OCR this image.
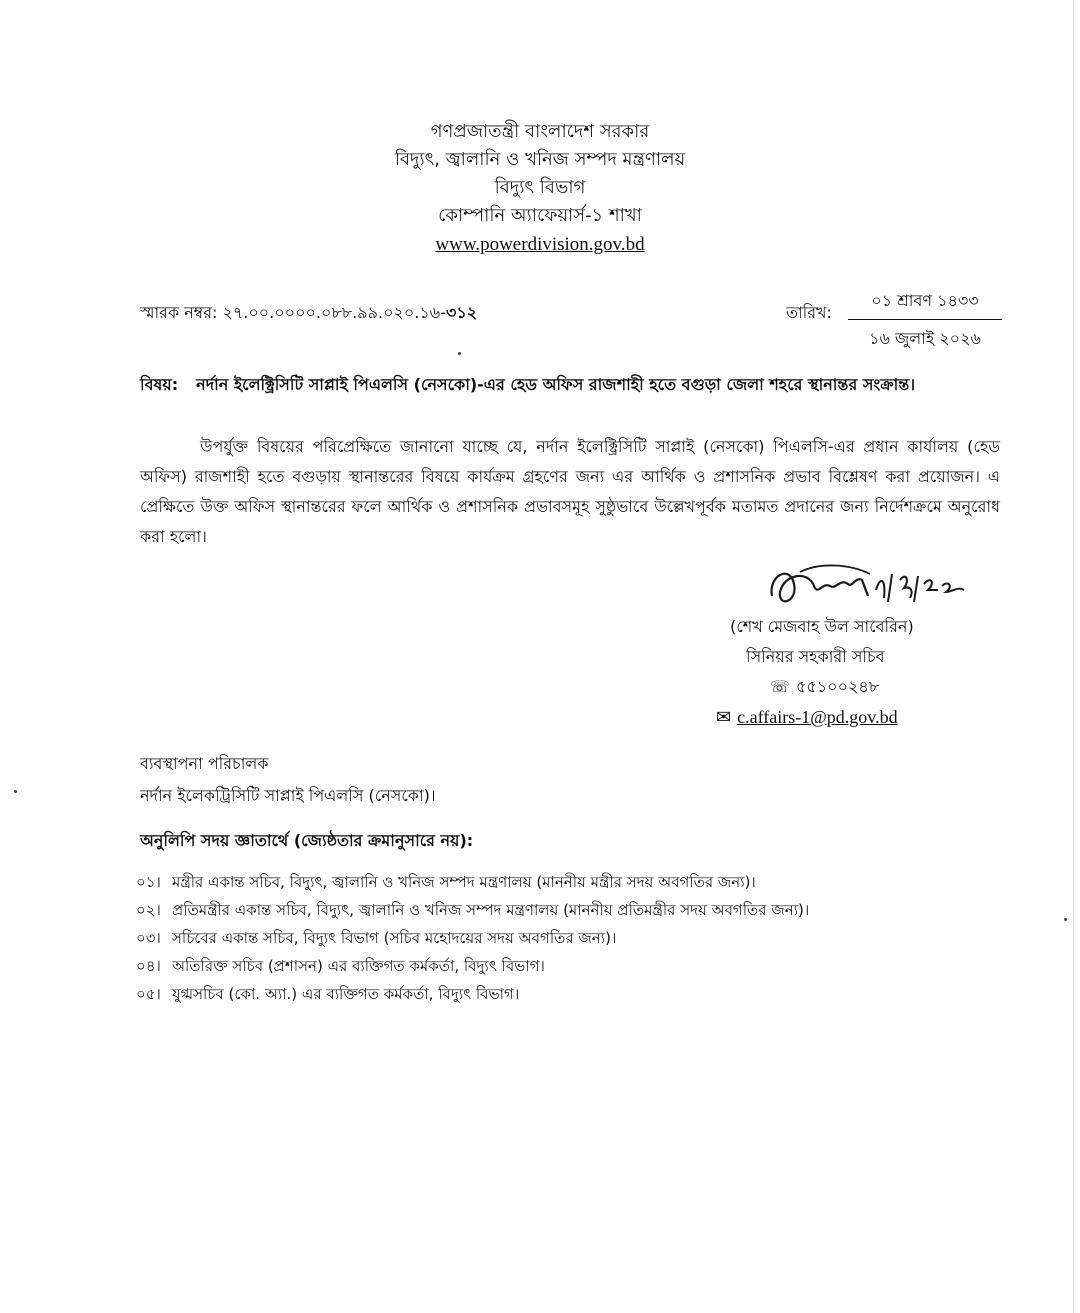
গণপ্রজাতন্ত্রী বাংলাদেশ সরকার
বিদ্যুৎ, জ্বালানি ও খনিজ সম্পদ মন্ত্রণালয়
বিদ্যুৎ বিভাগ
কোম্পানি অ্যাফেয়ার্স-১ শাখা
www.powerdivision.gov.bd
স্মারক নম্বর: ২৭.০০.০০০০.০৮৮.৯৯.০২০.১৬-৩১২	তারিখ:
০১ শ্রাবণ ১৪৩৩
১৬ জুলাই ২০২৬
বিষয়: নর্দান ইলেক্ট্রিসিটি সাপ্লাই পিএলসি (নেসকো)-এর হেড অফিস রাজশাহী হতে বগুড়া জেলা শহরে স্থানান্তর সংক্রান্ত।
উপর্যুক্ত বিষয়ের পরিপ্রেক্ষিতে জানানো যাচ্ছে যে, নর্দান ইলেক্ট্রিসিটি সাপ্লাই (নেসকো) পিএলসি-এর প্রধান কার্যালয় (হেড অফিস) রাজশাহী হতে বগুড়ায় স্থানান্তরের বিষয়ে কার্যক্রম গ্রহণের জন্য এর আর্থিক ও প্রশাসনিক প্রভাব বিশ্লেষণ করা প্রয়োজন। এ প্রেক্ষিতে উক্ত অফিস স্থানান্তরের ফলে আর্থিক ও প্রশাসনিক প্রভাবসমূহ সুষ্ঠুভাবে উল্লেখপূর্বক মতামত প্রদানের জন্য নির্দেশক্রমে অনুরোধ করা হলো।
(শেখ মেজবাহ উল সাবেরিন)
সিনিয়র সহকারী সচিব
☏ ৫৫১০০২৪৮
✉ c.affairs-1@pd.gov.bd
ব্যবস্থাপনা পরিচালক
নর্দান ইলেকট্রিসিটি সাপ্লাই পিএলসি (নেসকো)।
অনুলিপি সদয় জ্ঞাতার্থে (জ্যেষ্ঠতার ক্রমানুসারে নয়):
০১। মন্ত্রীর একান্ত সচিব, বিদ্যুৎ, জ্বালানি ও খনিজ সম্পদ মন্ত্রণালয় (মাননীয় মন্ত্রীর সদয় অবগতির জন্য)।
০২। প্রতিমন্ত্রীর একান্ত সচিব, বিদ্যুৎ, জ্বালানি ও খনিজ সম্পদ মন্ত্রণালয় (মাননীয় প্রতিমন্ত্রীর সদয় অবগতির জন্য)।
০৩। সচিবের একান্ত সচিব, বিদ্যুৎ বিভাগ (সচিব মহোদয়ের সদয় অবগতির জন্য)।
০৪। অতিরিক্ত সচিব (প্রশাসন) এর ব্যক্তিগত কর্মকর্তা, বিদ্যুৎ বিভাগ।
০৫। যুগ্মসচিব (কো. অ্যা.) এর ব্যক্তিগত কর্মকর্তা, বিদ্যুৎ বিভাগ।
